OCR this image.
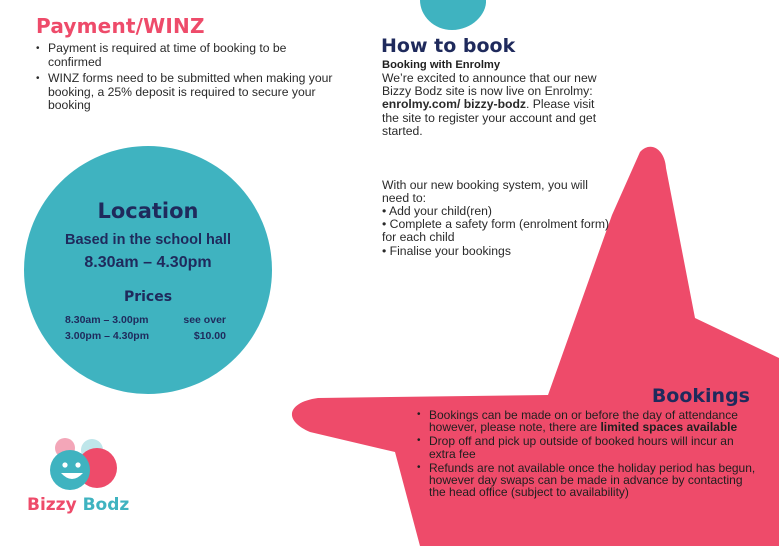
Payment/WINZ
• Payment is required at time of booking to be confirmed
• WINZ forms need to be submitted when making your booking, a 25% deposit is required to secure your booking
How to book
Booking with Enrolmy
We’re excited to announce that our new Bizzy Bodz site is now live on Enrolmy: enrolmy.com/ bizzy-bodz. Please visit the site to register your account and get started.
With our new booking system, you will need to:
• Add your child(ren)
• Complete a safety form (enrolment form) for each child
• Finalise your bookings
Location
Based in the school hall
8.30am – 4.30pm
Prices
8.30am – 3.00pm	see over
3.00pm – 4.30pm	$10.00
Bookings
• Bookings can be made on or before the day of attendance however, please note, there are limited spaces available
• Drop off and pick up outside of booked hours will incur an extra fee
• Refunds are not available once the holiday period has begun, however day swaps can be made in advance by contacting the head office (subject to availability)
Bizzy Bodz
